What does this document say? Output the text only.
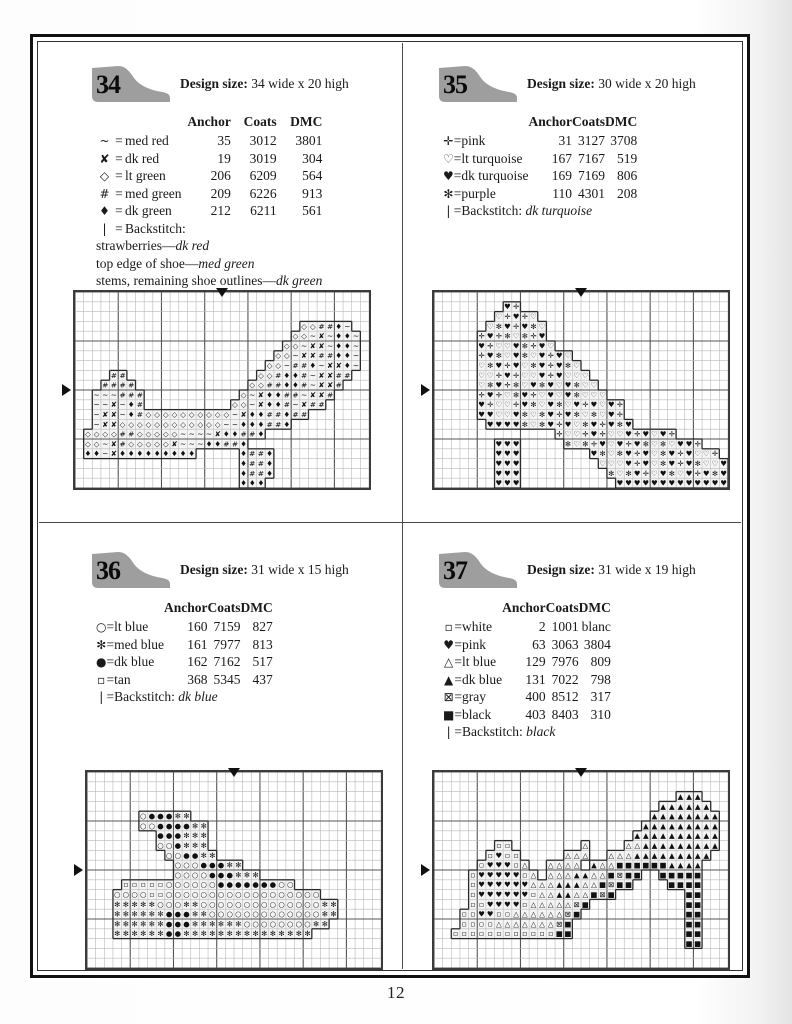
34	Design size: 34 wide x 20 high
			Anchor	Coats	DMC
~	=	med red	35	3012	3801
✘	=	dk red	19	3019	304
◇	=	lt green	206	6209	564
#	=	med green	209	6226	913
♦	=	dk green	212	6211	561
|	=	Backstitch:			
strawberries—dk red					
top edge of shoe—med green					
stems, remaining shoe outlines—dk green					
◇ ◇ # # ♦ ~
◇ ◇ ~ ✘ ~ ♦ ♦ ~
◇ ◇ ~ ✘ ✘ ~ ♦ ♦ ~
◇ ◇ ~ ✘ ✘ # # ♦ ♦ ~
◇ ◇ ~ # # ♦ ~ ✘ ✘ ♦ ~
# #	◇ ◇ # ♦ ♦ # ~ ✘ ✘ # #
# # # #	◇ ◇ # # ♦ ♦ # ~ ✘ ✘ #
~ ~ ~ # # #	◇ ~ ✘ ♦ ♦ # # ~ ✘ ✘ #
~ ~ ✘ ~ ♦ #	◇ ◇ ~ ✘ ♦ ♦ # ~ ✘ # #
~ ✘ ✘ ~ ♦ # ◇ ◇ ◇ ◇ ◇ ◇ ◇ ◇ ◇ ◇ ~ ✘ ♦ ♦ # # ♦ # #
~ ✘ ✘ ◇ ◇ ◇ ◇ ◇ ◇ ◇ ◇ ◇ ◇ ◇ ◇ ~ ~ ♦ ♦ ♦ # # ♦
◇ ◇ ◇ ◇ # # ◇ ◇ ◇ ◇ ◇ ~ ~ ~ ~ ✘ ♦ ♦ # # ♦
◇ ◇ ~ ✘ # ◇ ◇ ◇ ◇ ◇ ✘ ~ ~ ~ ♦ ♦ # # ♦
♦ ♦ ~ ✘ ♦ ♦ ♦ ♦ ♦ ♦ ♦ ♦ ♦	♦ # # ♦
♦ # # ♦
♦ # # ♦
♦ ♦ ♦
35	Design size: 30 wide x 20 high
			Anchor	Coats	DMC
✛	=	pink	31	3127	3708
♡	=	lt turquoise	167	7167	519
♥	=	dk turquoise	169	7169	806
✻	=	purple	110	4301	208
|	=	Backstitch: dk turquoise			
♥ ✛
♡ ✛ ♥ ✛ ♡
♡ ✻ ♥ ✛ ♥ ✻ ♡
✛ ♥ ✛ ✻ ♡ ✻ ✛ ♥
♥ ✛ ♡ ♡ ♥ ✻ ✛ ♥ ♡
✛ ♥ ✻ ♡ ♥ ✻ ♡ ♥ ✛ ♥ ♡
♡ ✻ ♥ ✛ ♥ ♡ ✻ ♥ ✛ ♥ ✻ ♡
♡ ♡ ✛ ♥ ✛ ♡ ♡ ♥ ✛ ♥ ♡ ♡ ♡
♡ ✻ ♥ ✛ ✻ ♡ ♥ ✻ ♥ ♡ ♥ ✻ ♡ ♡
✛ ♥ ✛ ♡ ✻ ♥ ✛ ♡ ♥ ♡ ♥ ✻ ♡ ♡ ♡
♥ ✛ ♡ ♡ ✛ ♥ ✻ ♡ ♥ ✻ ♡ ♥ ✛ ♥ ♡ ♥ ✛
♥ ♥ ♡ ♡ ♥ ✻ ♡ ✻ ♥ ✛ ♥ ✻ ♡ ✻ ♡ ♥ ✛
♥ ♥ ♥ ♥ ✻ ♡ ✻ ♥ ✛ ♥ ♡ ✻ ♥ ✛ ♥ ✻ ♥
✛ ♡ ♡ ✛ ♥ ✛ ♡ ♡ ♥ ✛ ♥ ♡ ♥ ✛
♥ ♥ ♥	✻ ♡ ✻ ✛ ♥ ♡ ♥ ✛ ♥ ✻ ♡ ✻ ♡ ♥ ♥ ✛
♥ ♥ ♥	♥ ✻ ♡ ✻ ♥ ✛ ♥ ♡ ✻ ♥ ✛ ♥ ♡ ♡ ✛
♥ ♥ ♥	♡ ♡ ♡ ♥ ✛ ♥ ♡ ✻ ♥ ✛ ♥ ✻ ♡ ♡ ♥
♥ ♥ ♥	✻ ♡ ✻ ♥ ✛ ♡ ♥ ✻ ♡ ♥ ✛ ♥ ✻ ♥
♥ ♥ ♥	♥ ♥ ♥ ♥ ♥ ♥ ♥ ♥ ♥ ♥ ♥ ♥ ♥
36	Design size: 31 wide x 15 high
			Anchor	Coats	DMC
○	=	lt blue	160	7159	827
✻	=	med blue	161	7977	813
●	=	dk blue	162	7162	517
▫	=	tan	368	5345	437
|	=	Backstitch: dk blue			
○ ● ● ● ✻ ✻
○ ○ ● ● ● ● ✻ ✻
● ● ● ✻ ✻ ✻
○ ○ ● ✻ ✻ ✻
○ ○ ● ● ✻ ✻
○ ○ ○ ● ● ● ✻ ✻
○ ○ ○ ○ ● ● ● ✻ ✻ ✻
▫ ▫ ▫ ▫ ▫ ○ ○ ○ ○ ○ ○ ● ● ● ● ● ● ● ○ ○
○ ○ ○ ○ ▫ ▫ ○ ○ ○ ○ ○ ○ ○ ○ ○ ○ ○ ○ ○ ○ ○ ○ ○ ○
✻ ✻ ✻ ✻ ✻ ○ ○ ○ ✻ ✻ ○ ○ ○ ○ ○ ○ ○ ○ ○ ○ ○ ○ ○ ○ ✻ ✻
✻ ✻ ✻ ✻ ✻ ✻ ● ● ● ✻ ✻ ○ ○ ○ ○ ○ ○ ○ ○ ○ ○ ○ ○ ○ ✻ ✻
✻ ✻ ✻ ✻ ✻ ✻ ● ● ● ✻ ✻ ✻ ✻ ✻ ✻ ○ ○ ○ ○ ○ ○ ○ ○ ✻ ✻
✻ ✻ ✻ ✻ ✻ ✻ ● ● ✻ ✻ ✻ ✻ ✻ ✻ ✻ ✻ ✻ ✻ ✻ ✻ ✻ ✻ ✻
37	Design size: 31 wide x 19 high
			Anchor	Coats	DMC
▫	=	white	2	1001	blanc
♥	=	pink	63	3063	3804
△	=	lt blue	129	7976	809
▲	=	dk blue	131	7022	798
⊠	=	gray	400	8512	317
■	=	black	403	8403	310
|	=	Backstitch: black			
▲ ▲ ▲
▲ ▲ ▲ ▲ ▲ ▲
▲ ▲ ▲ ▲ ▲ ▲ ▲ ▲
▲ ▲ ▲ ▲ ▲ ▲ ▲ ▲ ▲
▲ ▲ ▲ ▲ ▲ ▲ ▲ ▲ ▲ ▲
▫ ▫	△	△ △ ▲ ▲ ▲ ▲ ▲ ▲ ▲ ▲ ▲
▫ ♥ ▫ ▫	△ △ △	△ △ △ ▲ ▲ ▲ ▲ ▲ ▲ ▲ ▲ ▲
▫ ♥ ♥ ♥ ▫ △	△ △ △ △ ▲ △ △ ■ ■ ■ ■ ■ ■ ▲ ▲ ▲ ▲
▫ ♥ ♥ ♥ ♥ ♥ ▫ △ △ △ △ ▲ ▲ △ △ ■ ⊠ ■ ■	■ ■ ■ ■ ■
▫ ♥ ♥ ♥ ♥ ♥ ♥ △ △ △ ▲ ▲ ▲ △ △ ■ ⊠ ■ ■	■ ■ ■ ■
▫ ♥ ♥ ♥ ♥ ♥ ♥ ▫ △ △ ▲ ▲ △ △ ■ ⊠ ■	■ ■
▫ ▫ ♥ ♥ ♥ ♥ ▫ △ △ △ △ △ ⊠ ■	■ ■
▫ ▫ ♥ ♥ ▫ ▫ △ △ △ △ △ △ ⊠ ■	■ ■
▫ ▫ ▫ ▫ △ △ △ △ △ △ △ ⊠ ■	■ ■
▫ ▫ ▫ ▫ ▫ ▫ ▫ ▫ ▫ ▫ ▫ ▫ ■ ■	■ ■
■ ■
12
